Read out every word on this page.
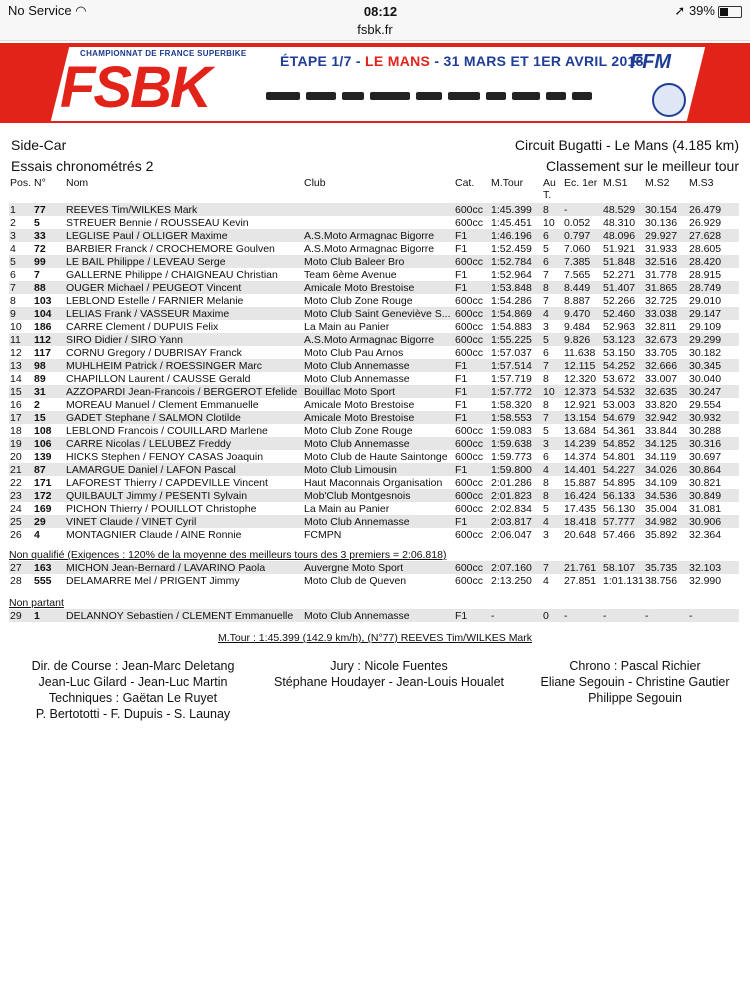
No Service ◠	08:12	➚ 39%
fsbk.fr
CHAMPIONNAT DE FRANCE SUPERBIKE
FSBK	ÉTAPE 1/7 - LE MANS - 31 MARS ET 1ER AVRIL 2018
FFM
Side-Car
Essais chronométrés 2
Circuit Bugatti - Le Mans (4.185 km)
Classement sur le meilleur tour
Pos.	N°	Nom	Club	Cat.	M.Tour	Au T.	Ec. 1er	M.S1	M.S2	M.S3
1	77	REEVES Tim/WILKES Mark		600cc	1:45.399	8	-	48.529	30.154	26.479
2	5	STREUER Bennie / ROUSSEAU Kevin		600cc	1:45.451	10	0.052	48.310	30.136	26.929
3	33	LEGLISE Paul / OLLIGER Maxime	A.S.Moto Armagnac Bigorre	F1	1:46.196	6	0.797	48.096	29.927	27.628
4	72	BARBIER Franck / CROCHEMORE Goulven	A.S.Moto Armagnac Bigorre	F1	1:52.459	5	7.060	51.921	31.933	28.605
5	99	LE BAIL Philippe / LEVEAU Serge	Moto Club Baleer Bro	600cc	1:52.784	6	7.385	51.848	32.516	28.420
6	7	GALLERNE Philippe / CHAIGNEAU Christian	Team 6ème Avenue	F1	1:52.964	7	7.565	52.271	31.778	28.915
7	88	OUGER Michael / PEUGEOT Vincent	Amicale Moto Brestoise	F1	1:53.848	8	8.449	51.407	31.865	28.749
8	103	LEBLOND Estelle / FARNIER Melanie	Moto Club Zone Rouge	600cc	1:54.286	7	8.887	52.266	32.725	29.010
9	104	LELIAS Frank / VASSEUR Maxime	Moto Club Saint Geneviève S...	600cc	1:54.869	4	9.470	52.460	33.038	29.147
10	186	CARRE Clement / DUPUIS Felix	La Main au Panier	600cc	1:54.883	3	9.484	52.963	32.811	29.109
11	112	SIRO Didier / SIRO Yann	A.S.Moto Armagnac Bigorre	600cc	1:55.225	5	9.826	53.123	32.673	29.299
12	117	CORNU Gregory / DUBRISAY Franck	Moto Club Pau Arnos	600cc	1:57.037	6	11.638	53.150	33.705	30.182
13	98	MUHLHEIM Patrick / ROESSINGER Marc	Moto Club Annemasse	F1	1:57.514	7	12.115	54.252	32.666	30.345
14	89	CHAPILLON Laurent / CAUSSE Gerald	Moto Club Annemasse	F1	1:57.719	8	12.320	53.672	33.007	30.040
15	31	AZZOPARDI Jean-Francois / BERGEROT Efelide	Bouillac Moto Sport	F1	1:57.772	10	12.373	54.532	32.635	30.247
16	2	MOREAU Manuel / Clement Emmanuelle	Amicale Moto Brestoise	F1	1:58.320	8	12.921	53.003	33.820	29.554
17	15	GADET Stephane / SALMON Clotilde	Amicale Moto Brestoise	F1	1:58.553	7	13.154	54.679	32.942	30.932
18	108	LEBLOND Francois / COUILLARD Marlene	Moto Club Zone Rouge	600cc	1:59.083	5	13.684	54.361	33.844	30.288
19	106	CARRE Nicolas / LELUBEZ Freddy	Moto Club Annemasse	600cc	1:59.638	3	14.239	54.852	34.125	30.316
20	139	HICKS Stephen / FENOY CASAS Joaquin	Moto Club de Haute Saintonge	600cc	1:59.773	6	14.374	54.801	34.119	30.697
21	87	LAMARGUE Daniel / LAFON Pascal	Moto Club Limousin	F1	1:59.800	4	14.401	54.227	34.026	30.864
22	171	LAFOREST Thierry / CAPDEVILLE Vincent	Haut Maconnais Organisation	600cc	2:01.286	8	15.887	54.895	34.109	30.821
23	172	QUILBAULT Jimmy / PESENTI Sylvain	Mob'Club Montgesnois	600cc	2:01.823	8	16.424	56.133	34.536	30.849
24	169	PICHON Thierry / POUILLOT Christophe	La Main au Panier	600cc	2:02.834	5	17.435	56.130	35.004	31.081
25	29	VINET Claude / VINET Cyril	Moto Club Annemasse	F1	2:03.817	4	18.418	57.777	34.982	30.906
26	4	MONTAGNIER Claude / AINE Ronnie	FCMPN	600cc	2:06.047	3	20.648	57.466	35.892	32.364
Non qualifié (Exigences : 120% de la moyenne des meilleurs tours des 3 premiers = 2:06.818)
27	163	MICHON Jean-Bernard / LAVARINO Paola	Auvergne Moto Sport	600cc	2:07.160	7	21.761	58.107	35.735	32.103
28	555	DELAMARRE Mel / PRIGENT Jimmy	Moto Club de Queven	600cc	2:13.250	4	27.851	1:01.131	38.756	32.990
Non partant
29	1	DELANNOY Sebastien / CLEMENT Emmanuelle	Moto Club Annemasse	F1	-	0	-	-	-	-
M.Tour : 1:45.399 (142.9 km/h), (N°77) REEVES Tim/WILKES Mark
Dir. de Course : Jean-Marc Deletang
Jean-Luc Gilard - Jean-Luc Martin
Techniques : Gaëtan Le Ruyet
P. Bertototti - F. Dupuis - S. Launay
Jury : Nicole Fuentes
Stéphane Houdayer - Jean-Louis Houalet
Chrono : Pascal Richier
Eliane Segouin - Christine Gautier
Philippe Segouin
